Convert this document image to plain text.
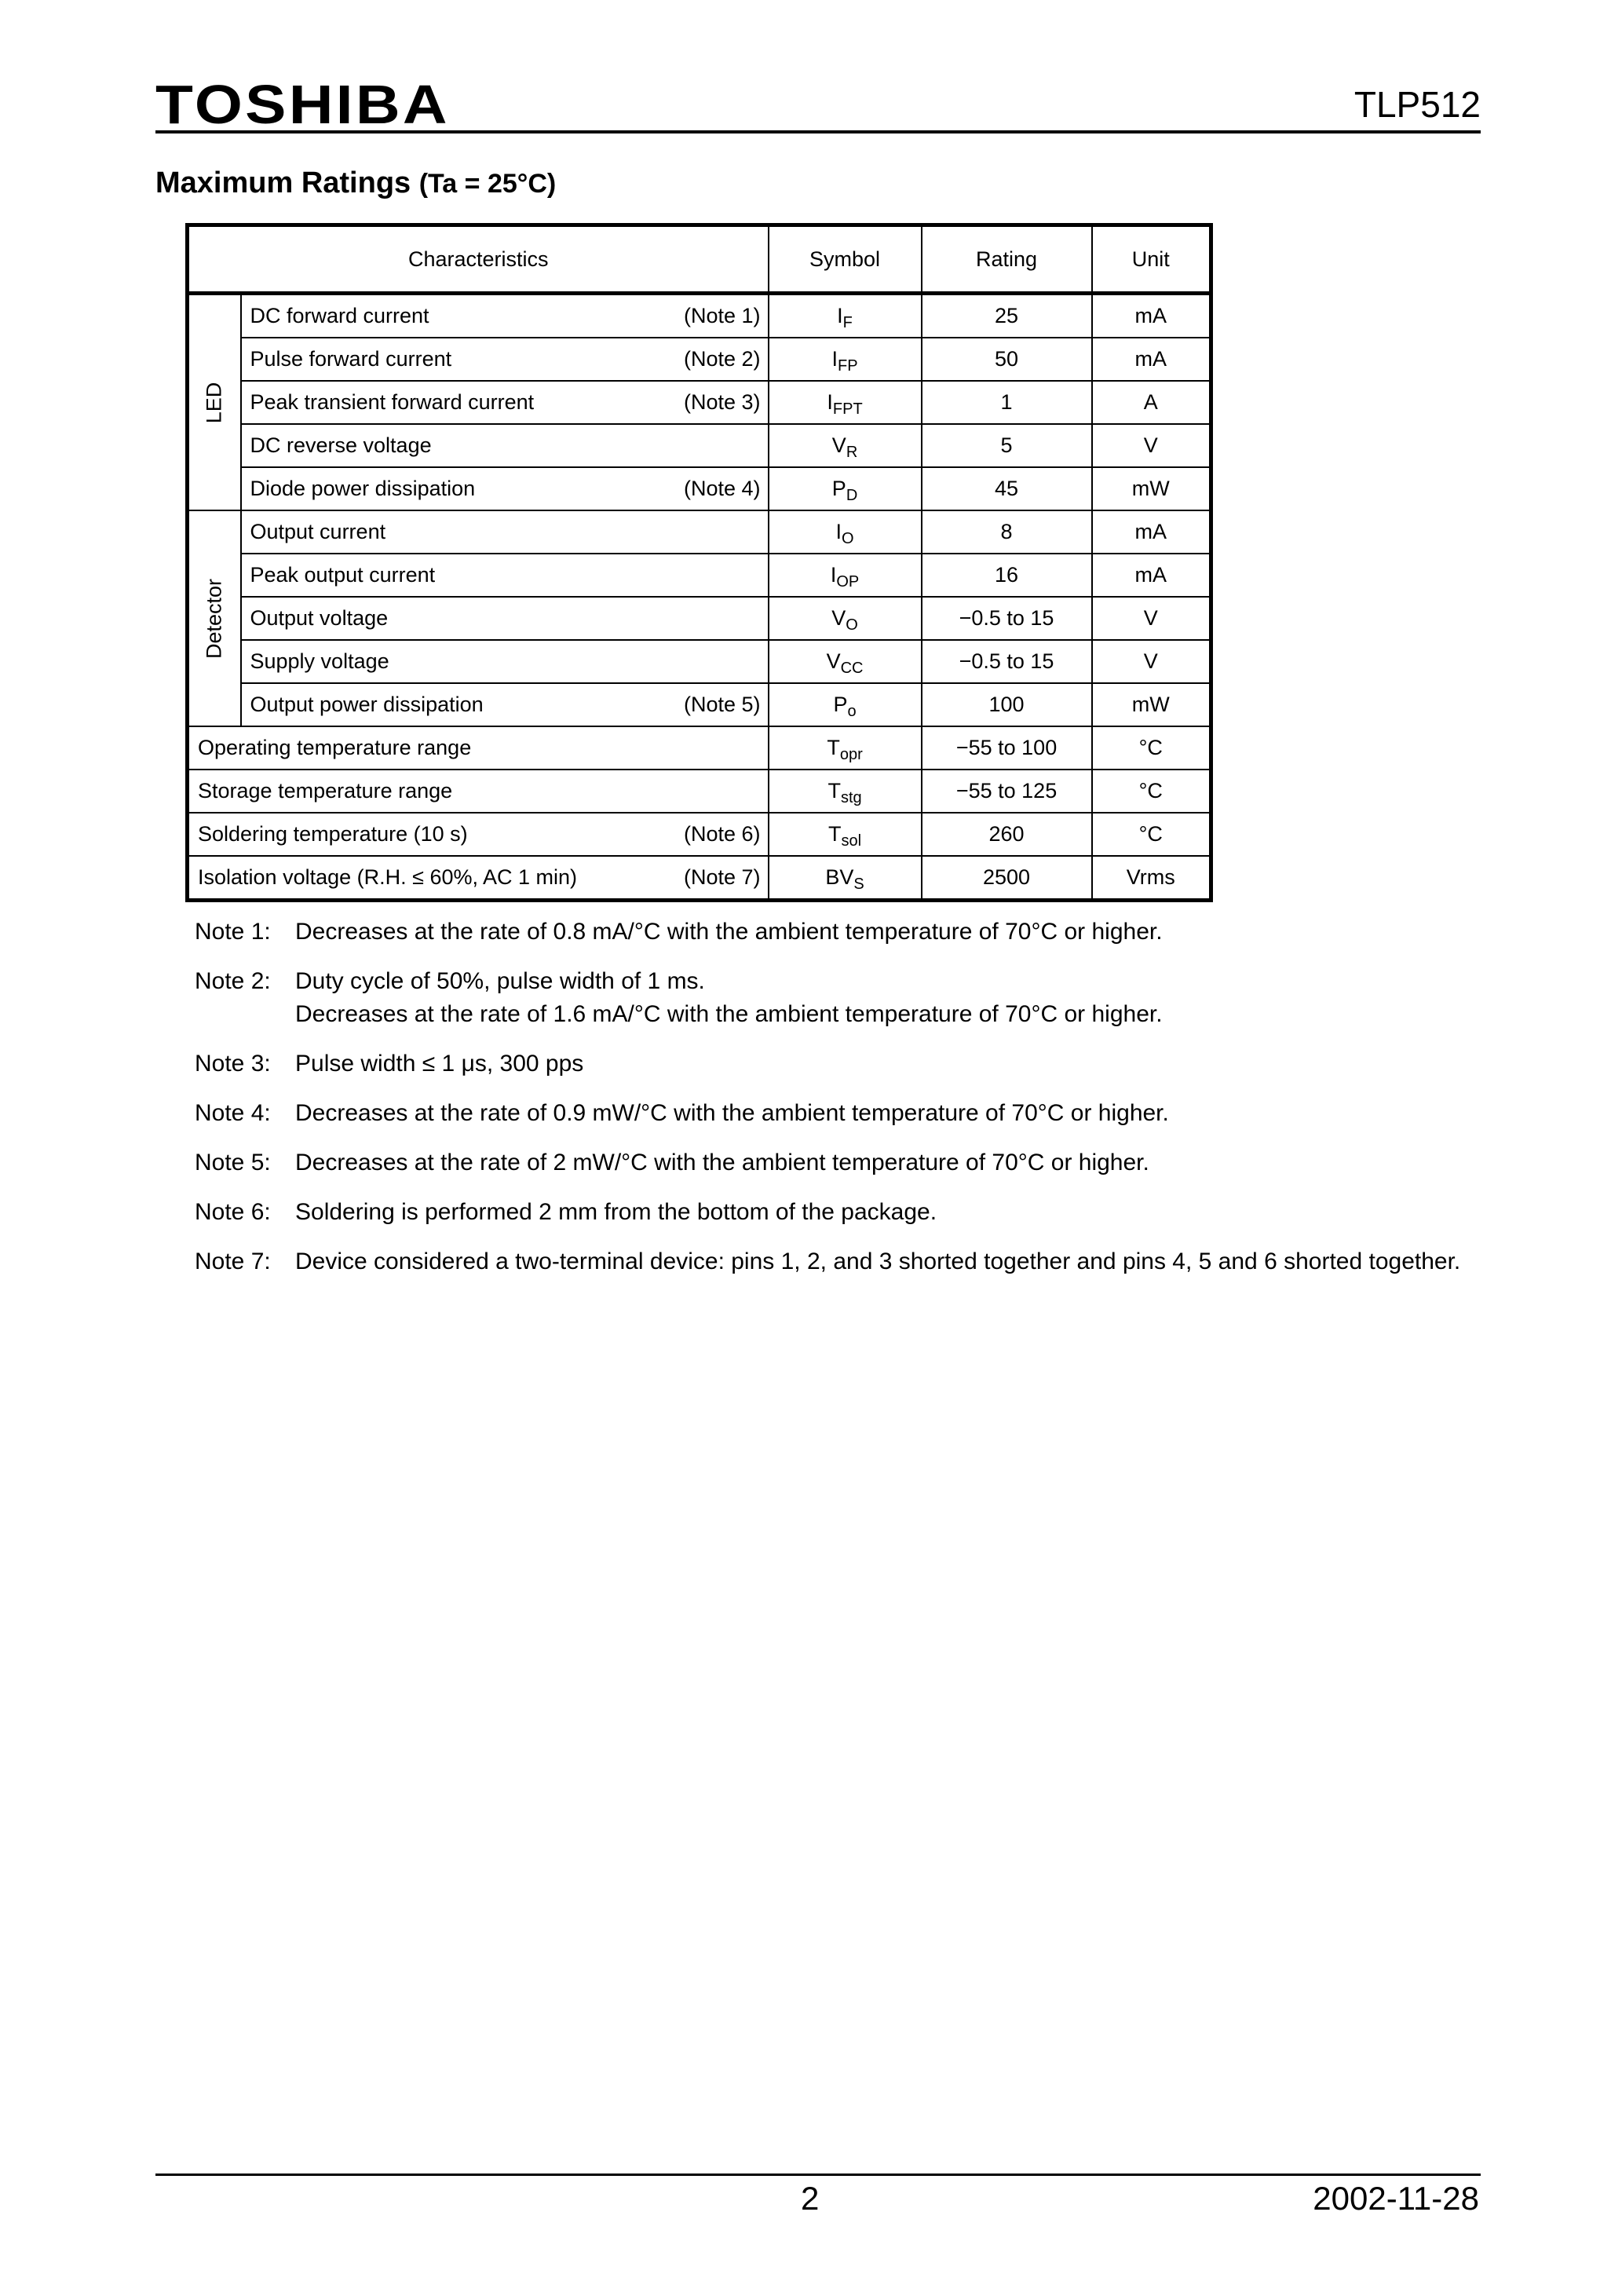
TOSHIBA	TLP512
Maximum Ratings (Ta = 25°C)
Characteristics			Symbol	Rating	Unit

LED	DC forward current	(Note 1)	$I_F$	25	mA
	Pulse forward current	(Note 2)	$I_{FP}$	50	mA
	Peak transient forward current	(Note 3)	$I_{FPT}$	1	A
	DC reverse voltage		$V_R$	5	V
	Diode power dissipation	(Note 4)	$P_D$	45	mW

Detector	Output current		$I_O$	8	mA
	Peak output current		$I_{OP}$	16	mA
	Output voltage		$V_O$	−0.5 to 15	V
	Supply voltage		$V_{CC}$	−0.5 to 15	V
	Output power dissipation	(Note 5)	$P_o$	100	mW
Operating temperature range			$T_{opr}$	−55 to 100	°C
Storage temperature range			$T_{stg}$	−55 to 125	°C
Soldering temperature (10 s)		(Note 6)	$T_{sol}$	260	°C
Isolation voltage (R.H. ≤ 60%, AC 1 min)		(Note 7)	$BV_S$	2500	Vrms
Note 1:	Decreases at the rate of 0.8 mA/°C with the ambient temperature of 70°C or higher.
Note 2:	Duty cycle of 50%, pulse width of 1 ms.
Decreases at the rate of 1.6 mA/°C with the ambient temperature of 70°C or higher.
Note 3:	Pulse width ≤ 1 μs, 300 pps
Note 4:	Decreases at the rate of 0.9 mW/°C with the ambient temperature of 70°C or higher.
Note 5:	Decreases at the rate of 2 mW/°C with the ambient temperature of 70°C or higher.
Note 6:	Soldering is performed 2 mm from the bottom of the package.
Note 7:	Device considered a two-terminal device: pins 1, 2, and 3 shorted together and pins 4, 5 and 6 shorted together.
2	2002-11-28
